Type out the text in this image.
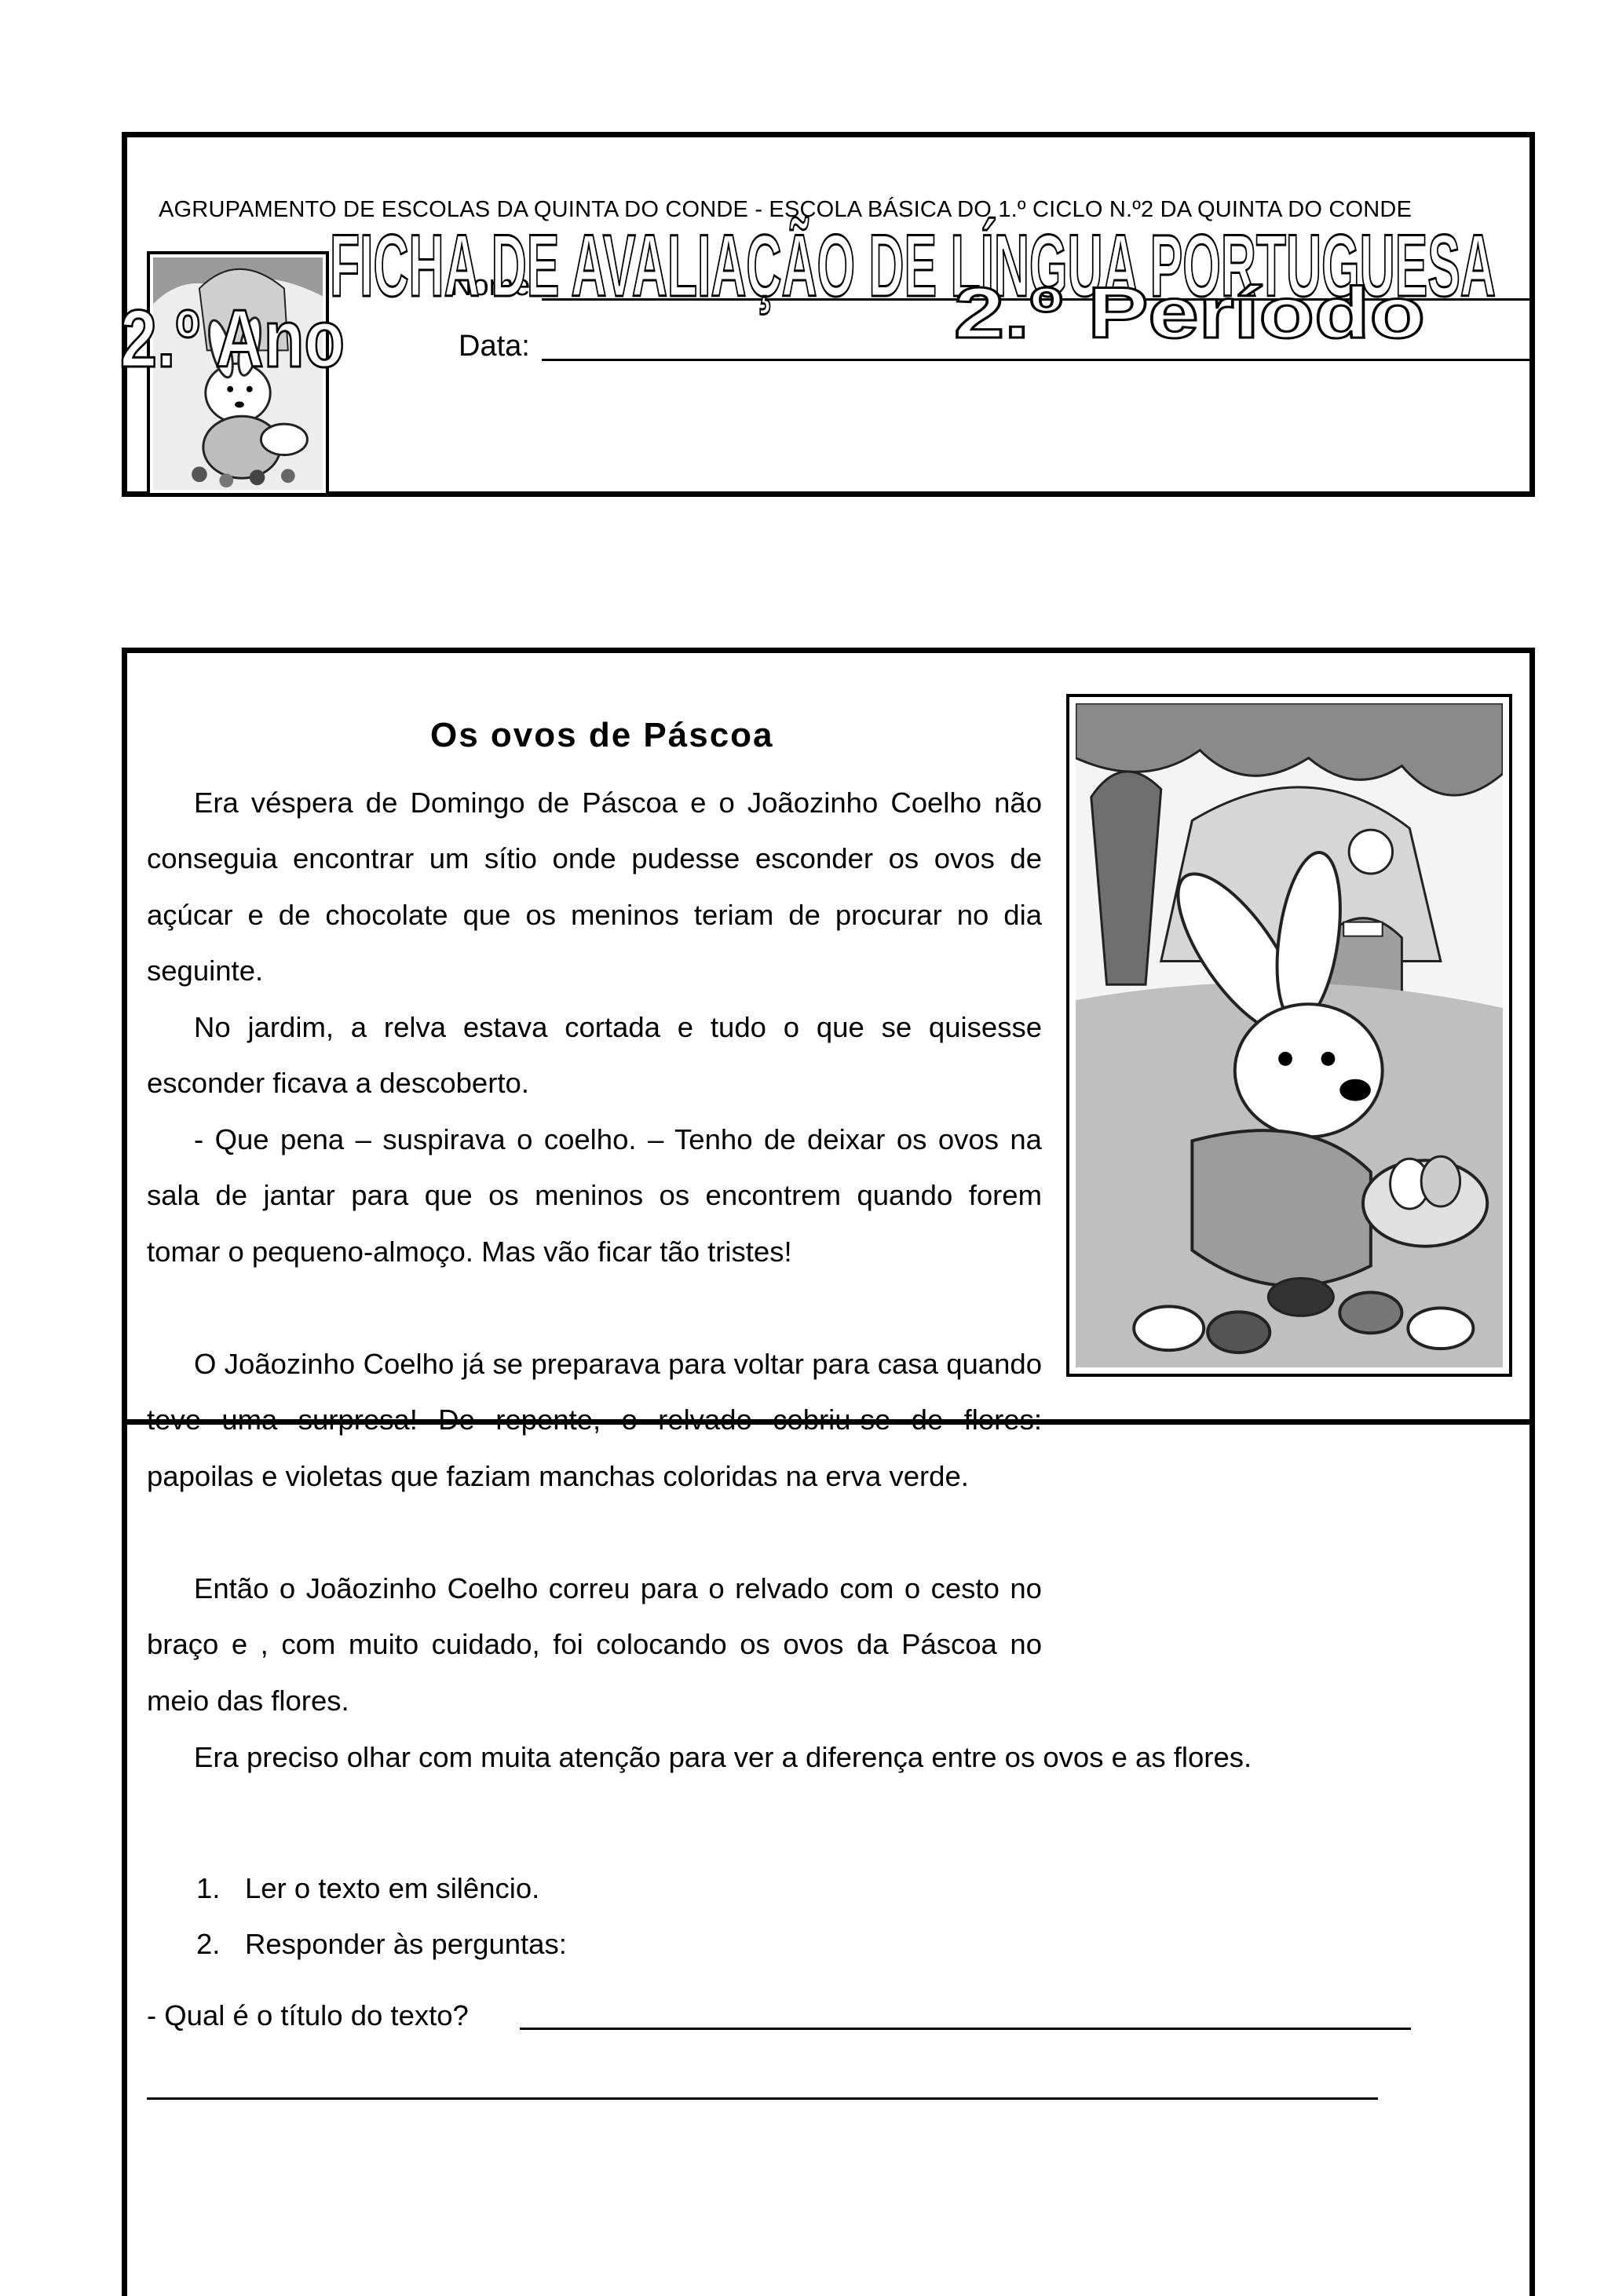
AGRUPAMENTO DE ESCOLAS DA QUINTA DO CONDE - ESCOLA BÁSICA DO 1.º CICLO N.º2 DA QUINTA DO CONDE
Nome:
Data:
FICHA DE AVALIAÇÃO DE LÍNGUA PORTUGUESA
2.º Período
2.º Ano
Os ovos de Páscoa

Era véspera de Domingo de Páscoa e o Joãozinho Coelho não conseguia encontrar um sítio onde pudesse esconder os ovos de açúcar e de chocolate que os meninos teriam de procurar no dia seguinte.

No jardim, a relva estava cortada e tudo o que se quisesse esconder ficava a descoberto.

- Que pena – suspirava o coelho. – Tenho de deixar os ovos na sala de jantar para que os meninos os encontrem quando forem tomar o pequeno-almoço. Mas vão ficar tão tristes!

O Joãozinho Coelho já se preparava para voltar para casa quando papoilas e violetas que faziam manchas coloridas na erva verde.

Então o Joãozinho Coelho correu para o relvado com o cesto no braço e , com muito cuidado, foi colocando os ovos da Páscoa no meio das flores.

Era preciso olhar com muita atenção para ver a diferença entre os ovos e as flores.

1. Ler o texto em silêncio.
2. Responder às perguntas:
- Qual é o título do texto?
